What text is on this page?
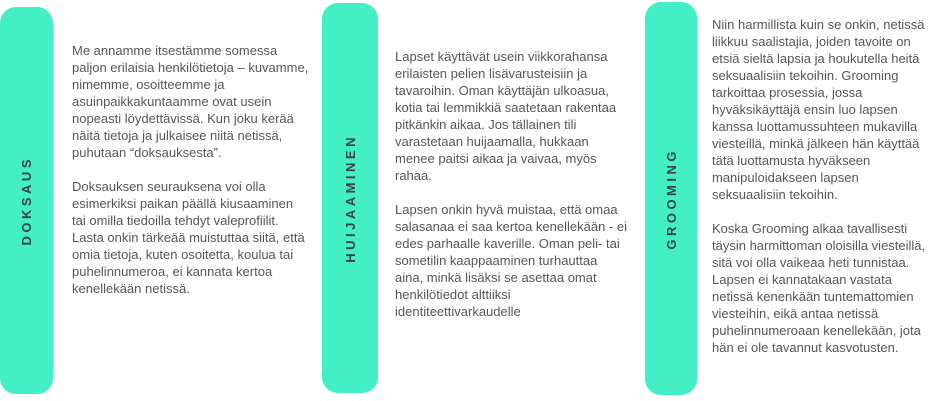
DOKSAUS

Me annamme itsestämme somessa paljon erilaisia henkilötietoja – kuvamme, nimemme, osoitteemme ja asuinpaikkakuntaamme ovat usein nopeasti löydettävissä. Kun joku kerää näitä tietoja ja julkaisee niitä netissä, puhutaan “doksauksesta”.

Doksauksen seurauksena voi olla esimerkiksi paikan päällä kiusaaminen tai omilla tiedoilla tehdyt valeprofiilit. Lasta onkin tärkeää muistuttaa siitä, että omia tietoja, kuten osoitetta, koulua tai puhelinnumeroa, ei kannata kertoa kenellekään netissä.

HUIJAAMINEN

Lapset käyttävät usein viikkorahansa erilaisten pelien lisävarusteisiin ja tavaroihin. Oman käyttäjän ulkoasua, kotia tai lemmikkiä saatetaan rakentaa pitkänkin aikaa. Jos tällainen tili varastetaan huijaamalla, hukkaan menee paitsi aikaa ja vaivaa, myös rahaa.

Lapsen onkin hyvä muistaa, että omaa salasanaa ei saa kertoa kenellekään - ei edes parhaalle kaverille. Oman peli- tai sometilin kaappaaminen turhauttaa aina, minkä lisäksi se asettaa omat henkilötiedot alttiiksi identiteettivarkaudelle

GROOMING

Niin harmillista kuin se onkin, netissä liikkuu saalistajia, joiden tavoite on etsiä sieltä lapsia ja houkutella heitä seksuaalisiin tekoihin. Grooming tarkoittaa prosessia, jossa hyväksikäyttäjä ensin luo lapsen kanssa luottamussuhteen mukavilla viesteillä, minkä jälkeen hän käyttää tätä luottamusta hyväkseen manipuloidakseen lapsen seksuaalisiin tekoihin.

Koska Grooming alkaa tavallisesti täysin harmittoman oloisilla viesteillä, sitä voi olla vaikeaa heti tunnistaa. Lapsen ei kannatakaan vastata netissä kenenkään tuntemattomien viesteihin, eikä antaa netissä puhelinnumeroaan kenellekään, jota hän ei ole tavannut kasvotusten.
